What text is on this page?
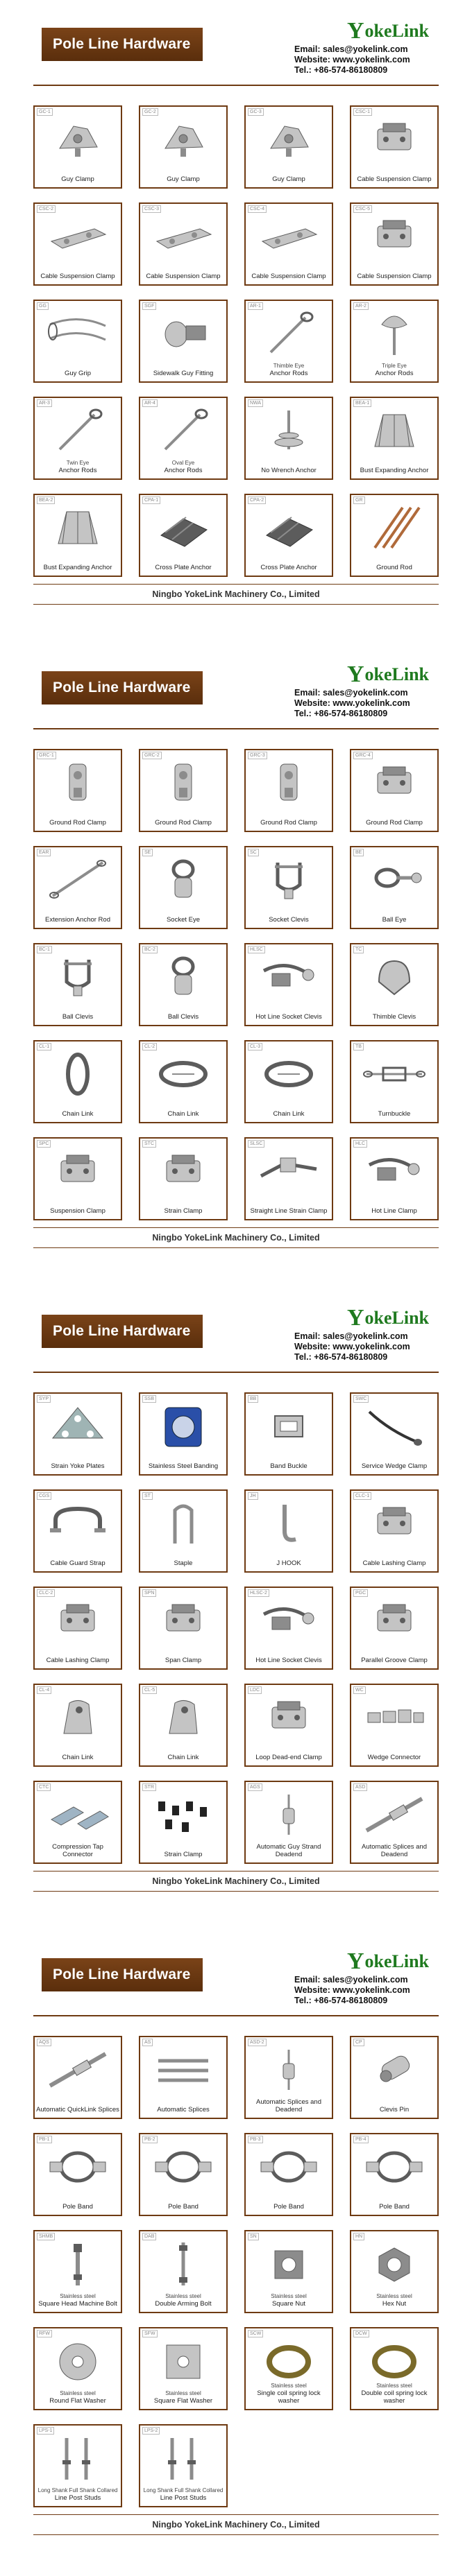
Pole Line Hardware
Y okeLink
Email: sales@yokelink.com
Website: www.yokelink.com
Tel.: +86-574-86180809
GC-1
Guy Clamp
GC-2
Guy Clamp
GC-3
Guy Clamp
CSC-1
Cable Suspension Clamp
CSC-2
Cable Suspension Clamp
CSC-3
Cable Suspension Clamp
CSC-4
Cable Suspension Clamp
CSC-5
Cable Suspension Clamp
GG
Guy Grip
SGF
Sidewalk Guy Fitting
AR-1
Thimble Eye
Anchor Rods
AR-2
Triple Eye
Anchor Rods
AR-3
Twin Eye
Anchor Rods
AR-4
Oval Eye
Anchor Rods
NWA
No Wrench Anchor
BEA-1
Bust Expanding Anchor
BEA-2
Bust Expanding Anchor
CPA-1
Cross Plate Anchor
CPA-2
Cross Plate Anchor
GR
Ground Rod
Ningbo YokeLink Machinery Co., Limited
Pole Line Hardware
Y okeLink
Email: sales@yokelink.com
Website: www.yokelink.com
Tel.: +86-574-86180809
GRC-1
Ground Rod Clamp
GRC-2
Ground Rod Clamp
GRC-3
Ground Rod Clamp
GRC-4
Ground Rod Clamp
EAR
Extension Anchor Rod
SE
Socket Eye
SC
Socket Clevis
BE
Ball Eye
BC-1
Ball Clevis
BC-2
Ball Clevis
HLSC
Hot Line Socket Clevis
TC
Thimble Clevis
CL-1
Chain Link
CL-2
Chain Link
CL-3
Chain Link
TB
Turnbuckle
SPC
Suspension Clamp
STC
Strain Clamp
SLSC
Straight Line Strain Clamp
HLC
Hot Line Clamp
Ningbo YokeLink Machinery Co., Limited
Pole Line Hardware
Y okeLink
Email: sales@yokelink.com
Website: www.yokelink.com
Tel.: +86-574-86180809
SYP
Strain Yoke Plates
SSB
Stainless Steel Banding
BB
Band Buckle
SWC
Service Wedge Clamp
CGS
Cable Guard Strap
ST
Staple
JH
J HOOK
CLC-1
Cable Lashing Clamp
CLC-2
Cable Lashing Clamp
SPN
Span Clamp
HLSC-2
Hot Line Socket Clevis
PGC
Parallel Groove Clamp
CL-4
Chain Link
CL-5
Chain Link
LDC
Loop Dead-end Clamp
WC
Wedge Connector
CTC
Compression Tap Connector
STR
Strain Clamp
AGS
Automatic Guy Strand Deadend
ASD
Automatic Splices and Deadend
Ningbo YokeLink Machinery Co., Limited
Pole Line Hardware
Y okeLink
Email: sales@yokelink.com
Website: www.yokelink.com
Tel.: +86-574-86180809
AQS
Automatic QuickLink Splices
AS
Automatic Splices
ASD-2
Automatic Splices and Deadend
CP
Clevis Pin
PB-1
Pole Band
PB-2
Pole Band
PB-3
Pole Band
PB-4
Pole Band
SHMB
Stainless steel
Square Head Machine Bolt
DAB
Stainless steel
Double Arming Bolt
SN
Stainless steel
Square Nut
HN
Stainless steel
Hex Nut
RFW
Stainless steel
Round Flat Washer
SFW
Stainless steel
Square Flat Washer
SCW
Stainless steel
Single coil spring lock washer
DCW
Stainless steel
Double coil spring lock washer
LPS-1
Long Shank Full Shank Collared
Line Post Studs
LPS-2
Long Shank Full Shank Collared
Line Post Studs
Ningbo YokeLink Machinery Co., Limited
